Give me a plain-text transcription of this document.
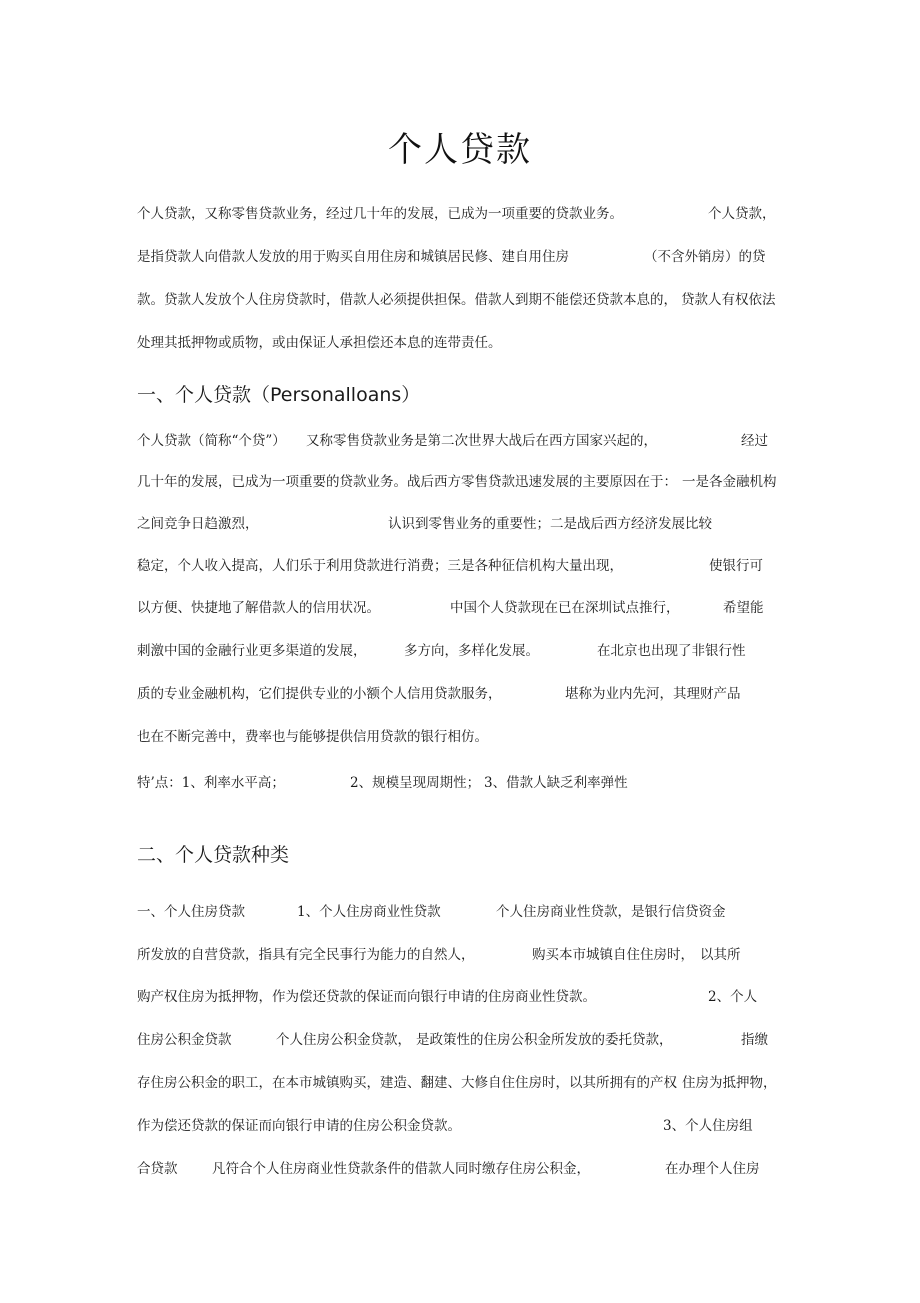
个人贷款
个人贷款，又称零售贷款业务，经过几十年的发展，已成为一项重要的贷款业务。	个人贷款，
是指贷款人向借款人发放的用于购买自用住房和城镇居民修、建自用住房	（不含外销房）的贷
款。贷款人发放个人住房贷款时，借款人必须提供担保。借款人到期不能偿还贷款本息的， 贷款人有权依法
处理其抵押物或质物，或由保证人承担偿还本息的连带责任。
一、个人贷款（Personalloans）
个人贷款（简称“个贷”） 又称零售贷款业务是第二次世界大战后在西方国家兴起的，	经过
几十年的发展，已成为一项重要的贷款业务。战后西方零售贷款迅速发展的主要原因在于： 一是各金融机构
之间竞争日趋激烈，	认识到零售业务的重要性；二是战后西方经济发展比较
稳定，个人收入提高，人们乐于利用贷款进行消费；三是各种征信机构大量出现，	使银行可
以方便、快捷地了解借款人的信用状况。	中国个人贷款现在已在深圳试点推行，	希望能
刺激中国的金融行业更多渠道的发展，	多方向，多样化发展。	在北京也出现了非银行性
质的专业金融机构，它们提供专业的小额个人信用贷款服务，	堪称为业内先河，其理财产品
也在不断完善中，费率也与能够提供信用贷款的银行相仿。
特’点：1、利率水平高；	2、规模呈现周期性； 3、借款人缺乏利率弹性
二、个人贷款种类
一、个人住房贷款	1、个人住房商业性贷款	个人住房商业性贷款，是银行信贷资金
所发放的自营贷款，指具有完全民事行为能力的自然人，	购买本市城镇自住住房时， 以其所
购产权住房为抵押物，作为偿还贷款的保证而向银行申请的住房商业性贷款。	2、个人
住房公积金贷款	个人住房公积金贷款， 是政策性的住房公积金所发放的委托贷款，	指缴
存住房公积金的职工，在本市城镇购买，建造、翻建、大修自住住房时，以其所拥有的产权 住房为抵押物，
作为偿还贷款的保证而向银行申请的住房公积金贷款。	3、个人住房组
合贷款	凡符合个人住房商业性贷款条件的借款人同时缴存住房公积金，	在办理个人住房
